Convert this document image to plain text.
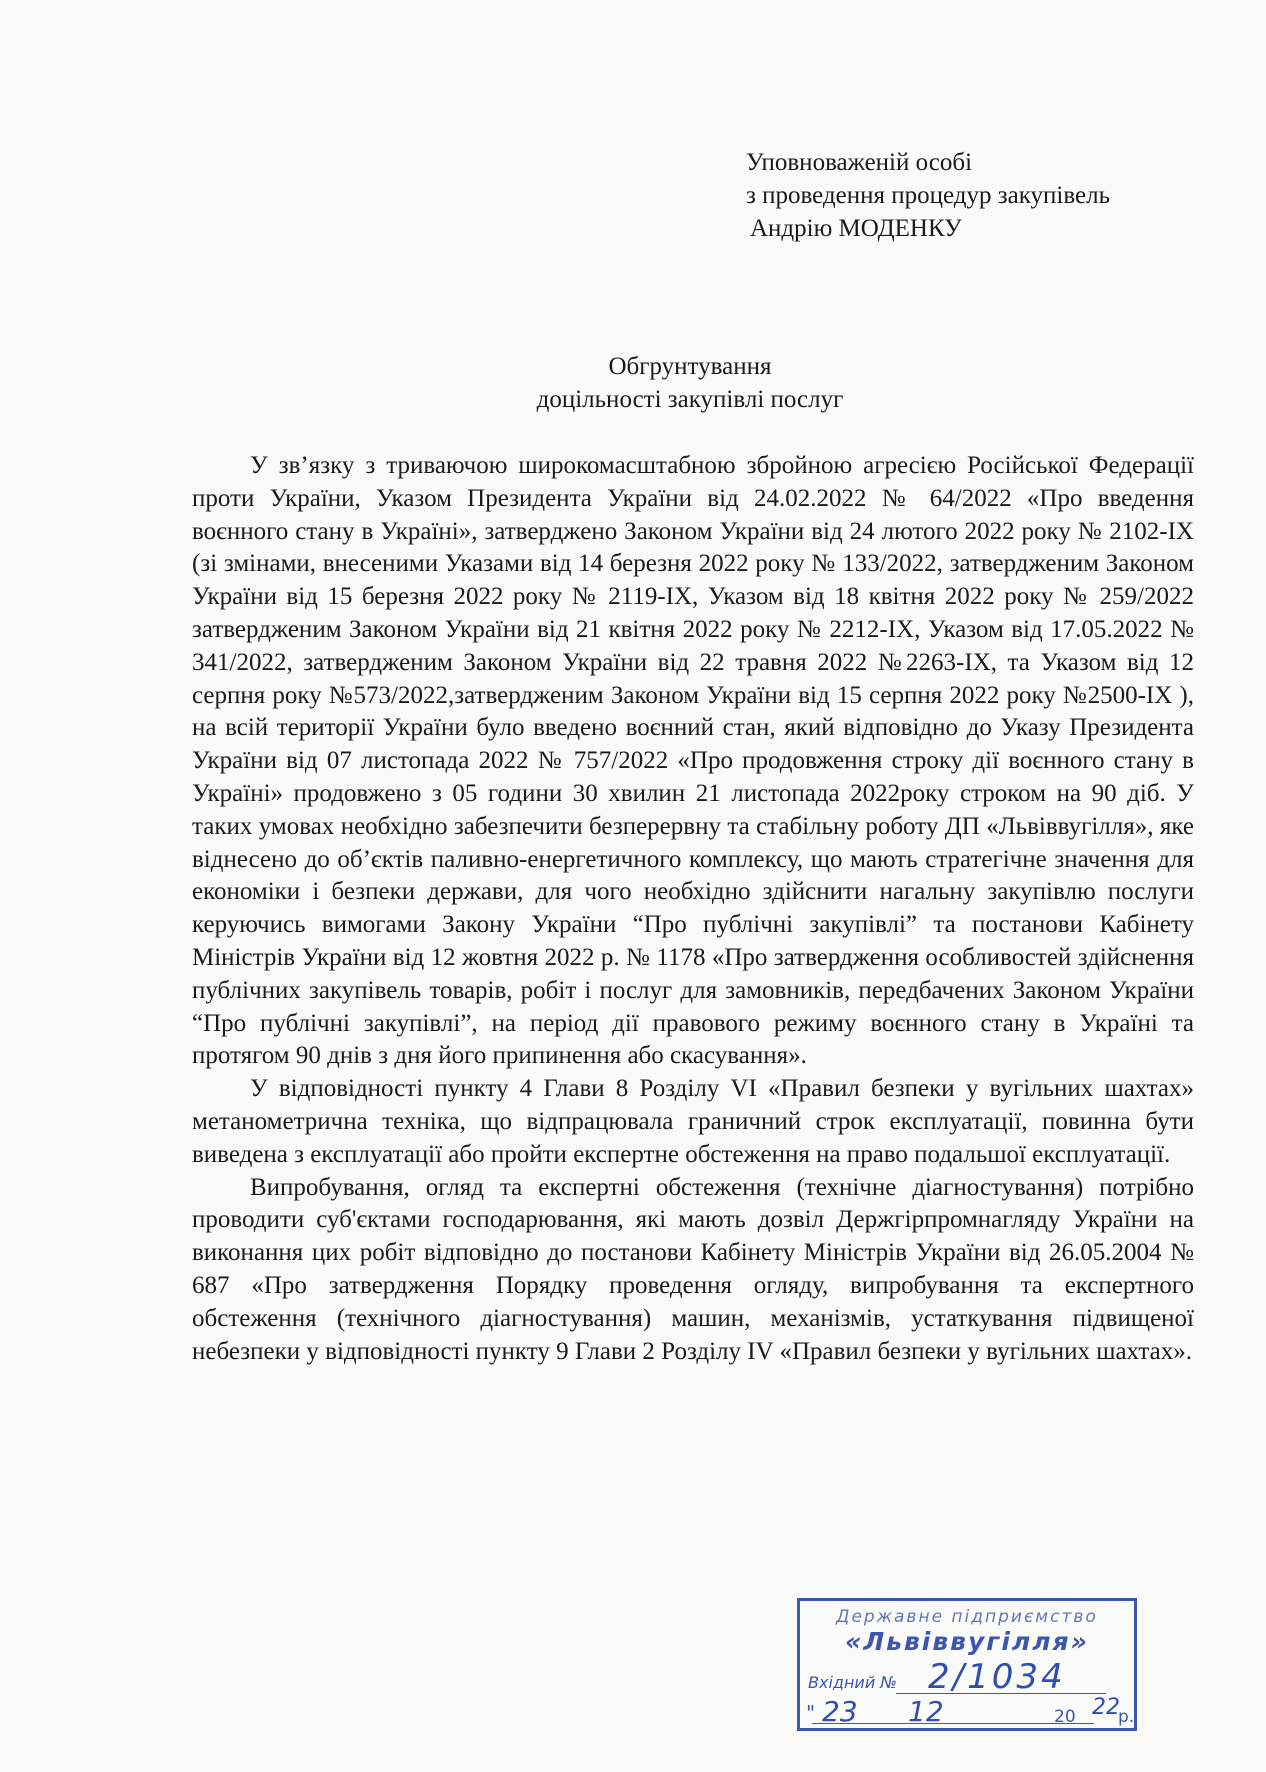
Уповноваженій особі
з проведення процедур закупівель
Андрію МОДЕНКУ
Обгрунтування
доцільності закупівлі послуг

У зв’язку з триваючою широкомасштабною збройною агресією Російської Федерації проти України, Указом Президента України від 24.02.2022 № 64/2022 «Про введення воєнного стану в Україні», затверджено Законом України від 24 лютого 2022 року № 2102-IX (зі змінами, внесеними Указами від 14 березня 2022 року № 133/2022, затвердженим Законом України від 15 березня 2022 року № 2119-IX, Указом від 18 квітня 2022 року № 259/2022 затвердженим Законом України від 21 квітня 2022 року № 2212-IX, Указом від 17.05.2022 № 341/2022, затвердженим Законом України від 22 травня 2022 №2263-IX, та Указом від 12 серпня року №573/2022,затвердженим Законом України від 15 серпня 2022 року №2500-IX ), на всій території України було введено воєнний стан, який відповідно до Указу Президента України від 07 листопада 2022 № 757/2022 «Про продовження строку дії воєнного стану в Україні» продовжено з 05 години 30 хвилин 21 листопада 2022року строком на 90 діб. У таких умовах необхідно забезпечити безперервну та стабільну роботу ДП «Львіввугілля», яке віднесено до об’єктів паливно-енергетичного комплексу, що мають стратегічне значення для економіки і безпеки держави, для чого необхідно здійснити нагальну закупівлю послуги керуючись вимогами Закону України “Про публічні закупівлі” та постанови Кабінету Міністрів України від 12 жовтня 2022 р. № 1178 «Про затвердження особливостей здійснення публічних закупівель товарів, робіт і послуг для замовників, передбачених Законом України “Про публічні закупівлі”, на період дії правового режиму воєнного стану в Україні та протягом 90 днів з дня його припинення або скасування».

У відповідності пункту 4 Глави 8 Розділу VI «Правил безпеки у вугільних шахтах» метанометрична техніка, що відпрацювала граничний строк експлуатації, повинна бути виведена з експлуатації або пройти експертне обстеження на право подальшої експлуатації.

Випробування, огляд та експертні обстеження (технічне діагностування) потрібно проводити суб'єктами господарювання, які мають дозвіл Держгірпромнагляду України на виконання цих робіт відповідно до постанови Кабінету Міністрів України від 26.05.2004 № 687 «Про затвердження Порядку проведення огляду, випробування та експертного обстеження (технічного діагностування) машин, механізмів, устаткування підвищеної небезпеки у відповідності пункту 9 Глави 2 Розділу IV «Правил безпеки у вугільних шахтах».

Державне підприємство
«Львіввугілля»
Вхідний № 2/1034
" 23 12	20 22
р.
